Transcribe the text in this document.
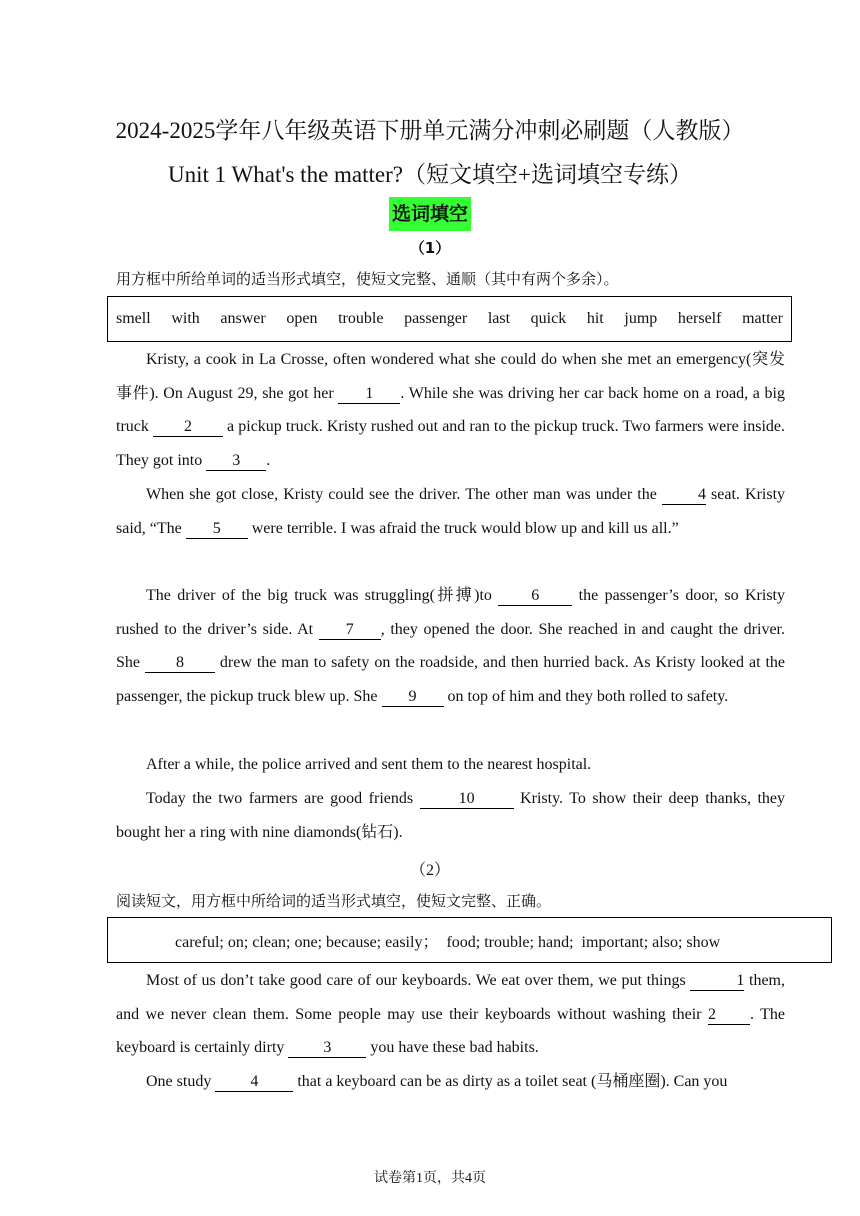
2024-2025学年八年级英语下册单元满分冲刺必刷题（人教版）
Unit 1 What's the matter?（短文填空+选词填空专练）
选词填空
（1）
用方框中所给单词的适当形式填空，使短文完整、通顺（其中有两个多余）。
smell with answer open trouble passenger last quick hit jump herself matter

Kristy, a cook in La Crosse, often wondered what she could do when she met an emergency(突发事件). On August 29, she got her 1 . While she was driving her car back home on a road, a big truck 2 a pickup truck. Kristy rushed out and ran to the pickup truck. Two farmers were inside. They got into 3 .

When she got close, Kristy could see the driver. The other man was under the 4 seat. Kristy said, “The 5 were terrible. I was afraid the truck would blow up and kill us all.”

The driver of the big truck was struggling(拼搏)to 6 the passenger’s door, so Kristy rushed to the driver’s side. At 7 , they opened the door. She reached in and caught the driver. She 8 drew the man to safety on the roadside, and then hurried back. As Kristy looked at the passenger, the pickup truck blew up. She 9 on top of him and they both rolled to safety.

After a while, the police arrived and sent them to the nearest hospital.

Today the two farmers are good friends 10 Kristy. To show their deep thanks, they bought her a ring with nine diamonds(钻石).

（2）
阅读短文，用方框中所给词的适当形式填空，使短文完整、正确。
careful; on; clean; one; because; easily；  food; trouble; hand;  important; also; show

Most of us don’t take good care of our keyboards. We eat over them, we put things	1 them, and we never clean them. Some people may use their keyboards without washing their 2 . The keyboard is certainly dirty 3 you have these bad habits.

One study 4 that a keyboard can be as dirty as a toilet seat (马桶座圈). Can you

试卷第1页，共4页
